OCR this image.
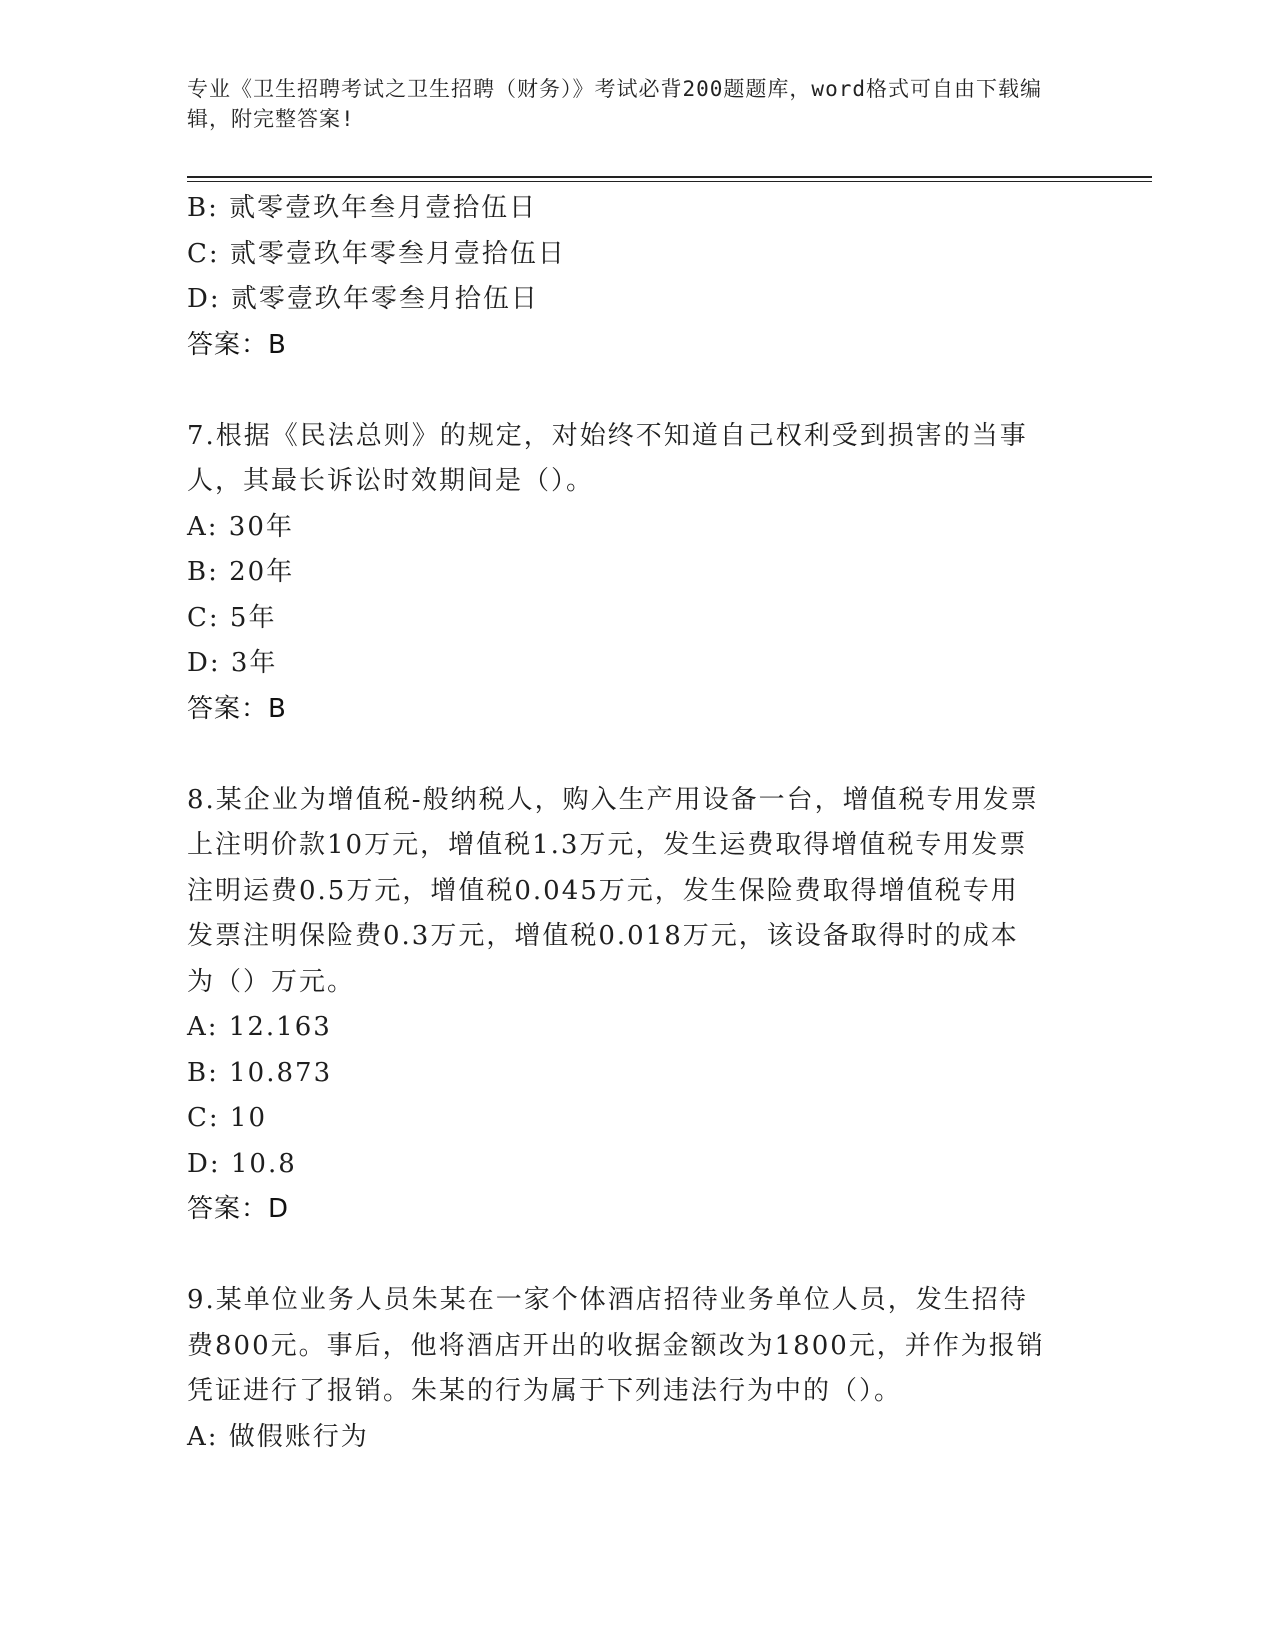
专业《卫生招聘考试之卫生招聘（财务）》考试必背200题题库，word格式可自由下载编辑，附完整答案!

B: 贰零壹玖年叁月壹拾伍日

C: 贰零壹玖年零叁月壹拾伍日

D: 贰零壹玖年零叁月拾伍日

答案：B

7.根据《民法总则》的规定，对始终不知道自己权利受到损害的当事

人，其最长诉讼时效期间是（）。

A: 30年

B: 20年

C: 5年

D: 3年

答案：B

8.某企业为增值税-般纳税人，购入生产用设备一台，增值税专用发票

上注明价款10万元，增值税1.3万元，发生运费取得增值税专用发票

注明运费0.5万元，增值税0.045万元，发生保险费取得增值税专用

发票注明保险费0.3万元，增值税0.018万元，该设备取得时的成本

为（）万元。

A: 12.163

B: 10.873

C: 10

D: 10.8

答案：D

9.某单位业务人员朱某在一家个体酒店招待业务单位人员，发生招待

费800元。事后，他将酒店开出的收据金额改为1800元，并作为报销

凭证进行了报销。朱某的行为属于下列违法行为中的（）。

A: 做假账行为
